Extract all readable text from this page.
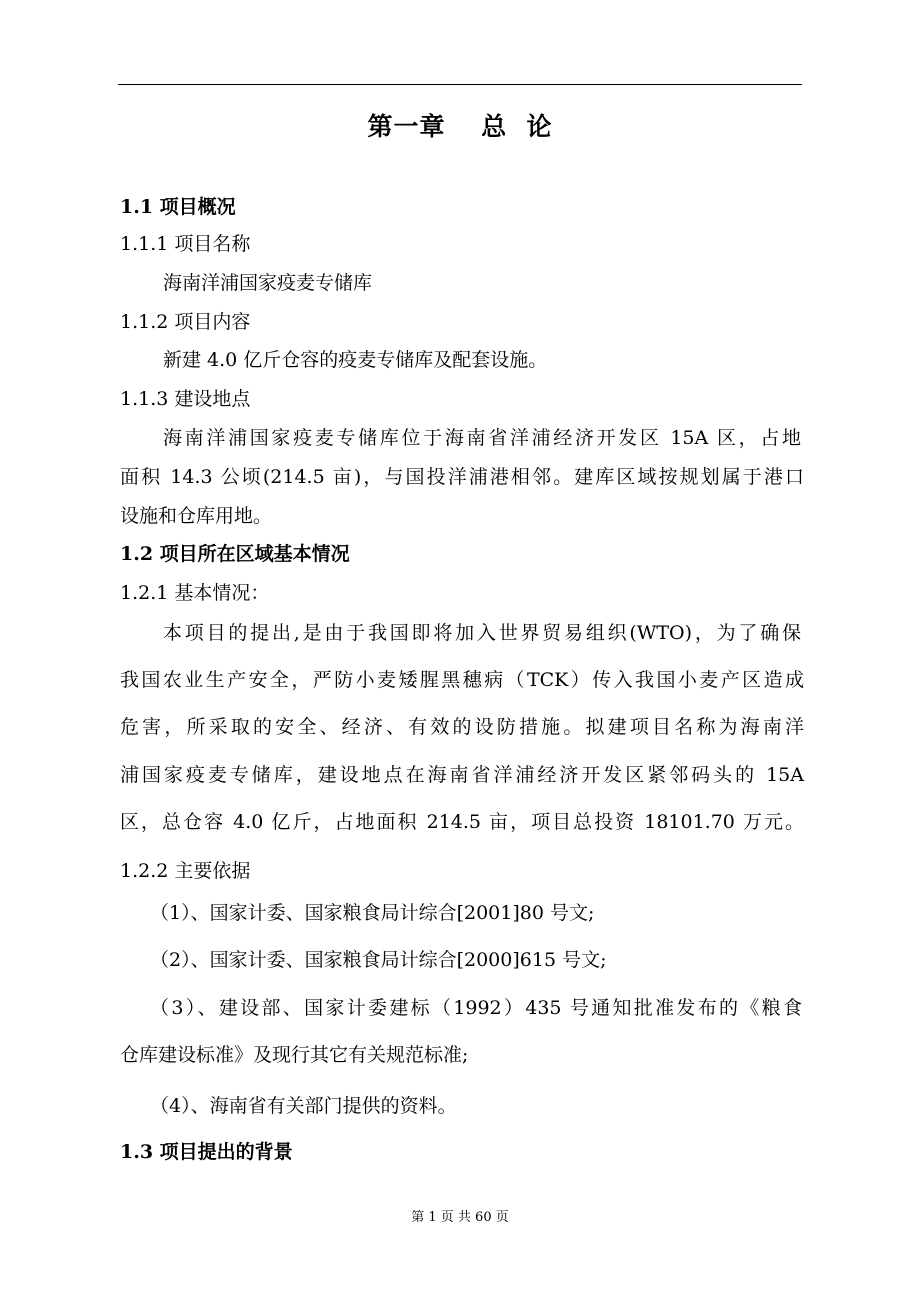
第一章　 总  论
1.1 项目概况
1.1.1 项目名称
海南洋浦国家疫麦专储库
1.1.2 项目内容
新建 4.0 亿斤仓容的疫麦专储库及配套设施。
1.1.3 建设地点
海南洋浦国家疫麦专储库位于海南省洋浦经济开发区 15A 区，占地
面积 14.3 公顷(214.5 亩)，与国投洋浦港相邻。建库区域按规划属于港口
设施和仓库用地。
1.2 项目所在区域基本情况
1.2.1 基本情况：
本项目的提出,是由于我国即将加入世界贸易组织(WTO)，为了确保
我国农业生产安全，严防小麦矮腥黑穗病（TCK）传入我国小麦产区造成
危害，所采取的安全、经济、有效的设防措施。拟建项目名称为海南洋
浦国家疫麦专储库，建设地点在海南省洋浦经济开发区紧邻码头的 15A
区，总仓容 4.0 亿斤，占地面积 214.5 亩，项目总投资 18101.70 万元。
1.2.2 主要依据
（1）、国家计委、国家粮食局计综合[2001]80 号文;
（2）、国家计委、国家粮食局计综合[2000]615 号文;
（3）、建设部、国家计委建标（1992）435 号通知批准发布的《粮食
仓库建设标准》及现行其它有关规范标准;
（4）、海南省有关部门提供的资料。
1.3 项目提出的背景
第 1 页 共 60 页
